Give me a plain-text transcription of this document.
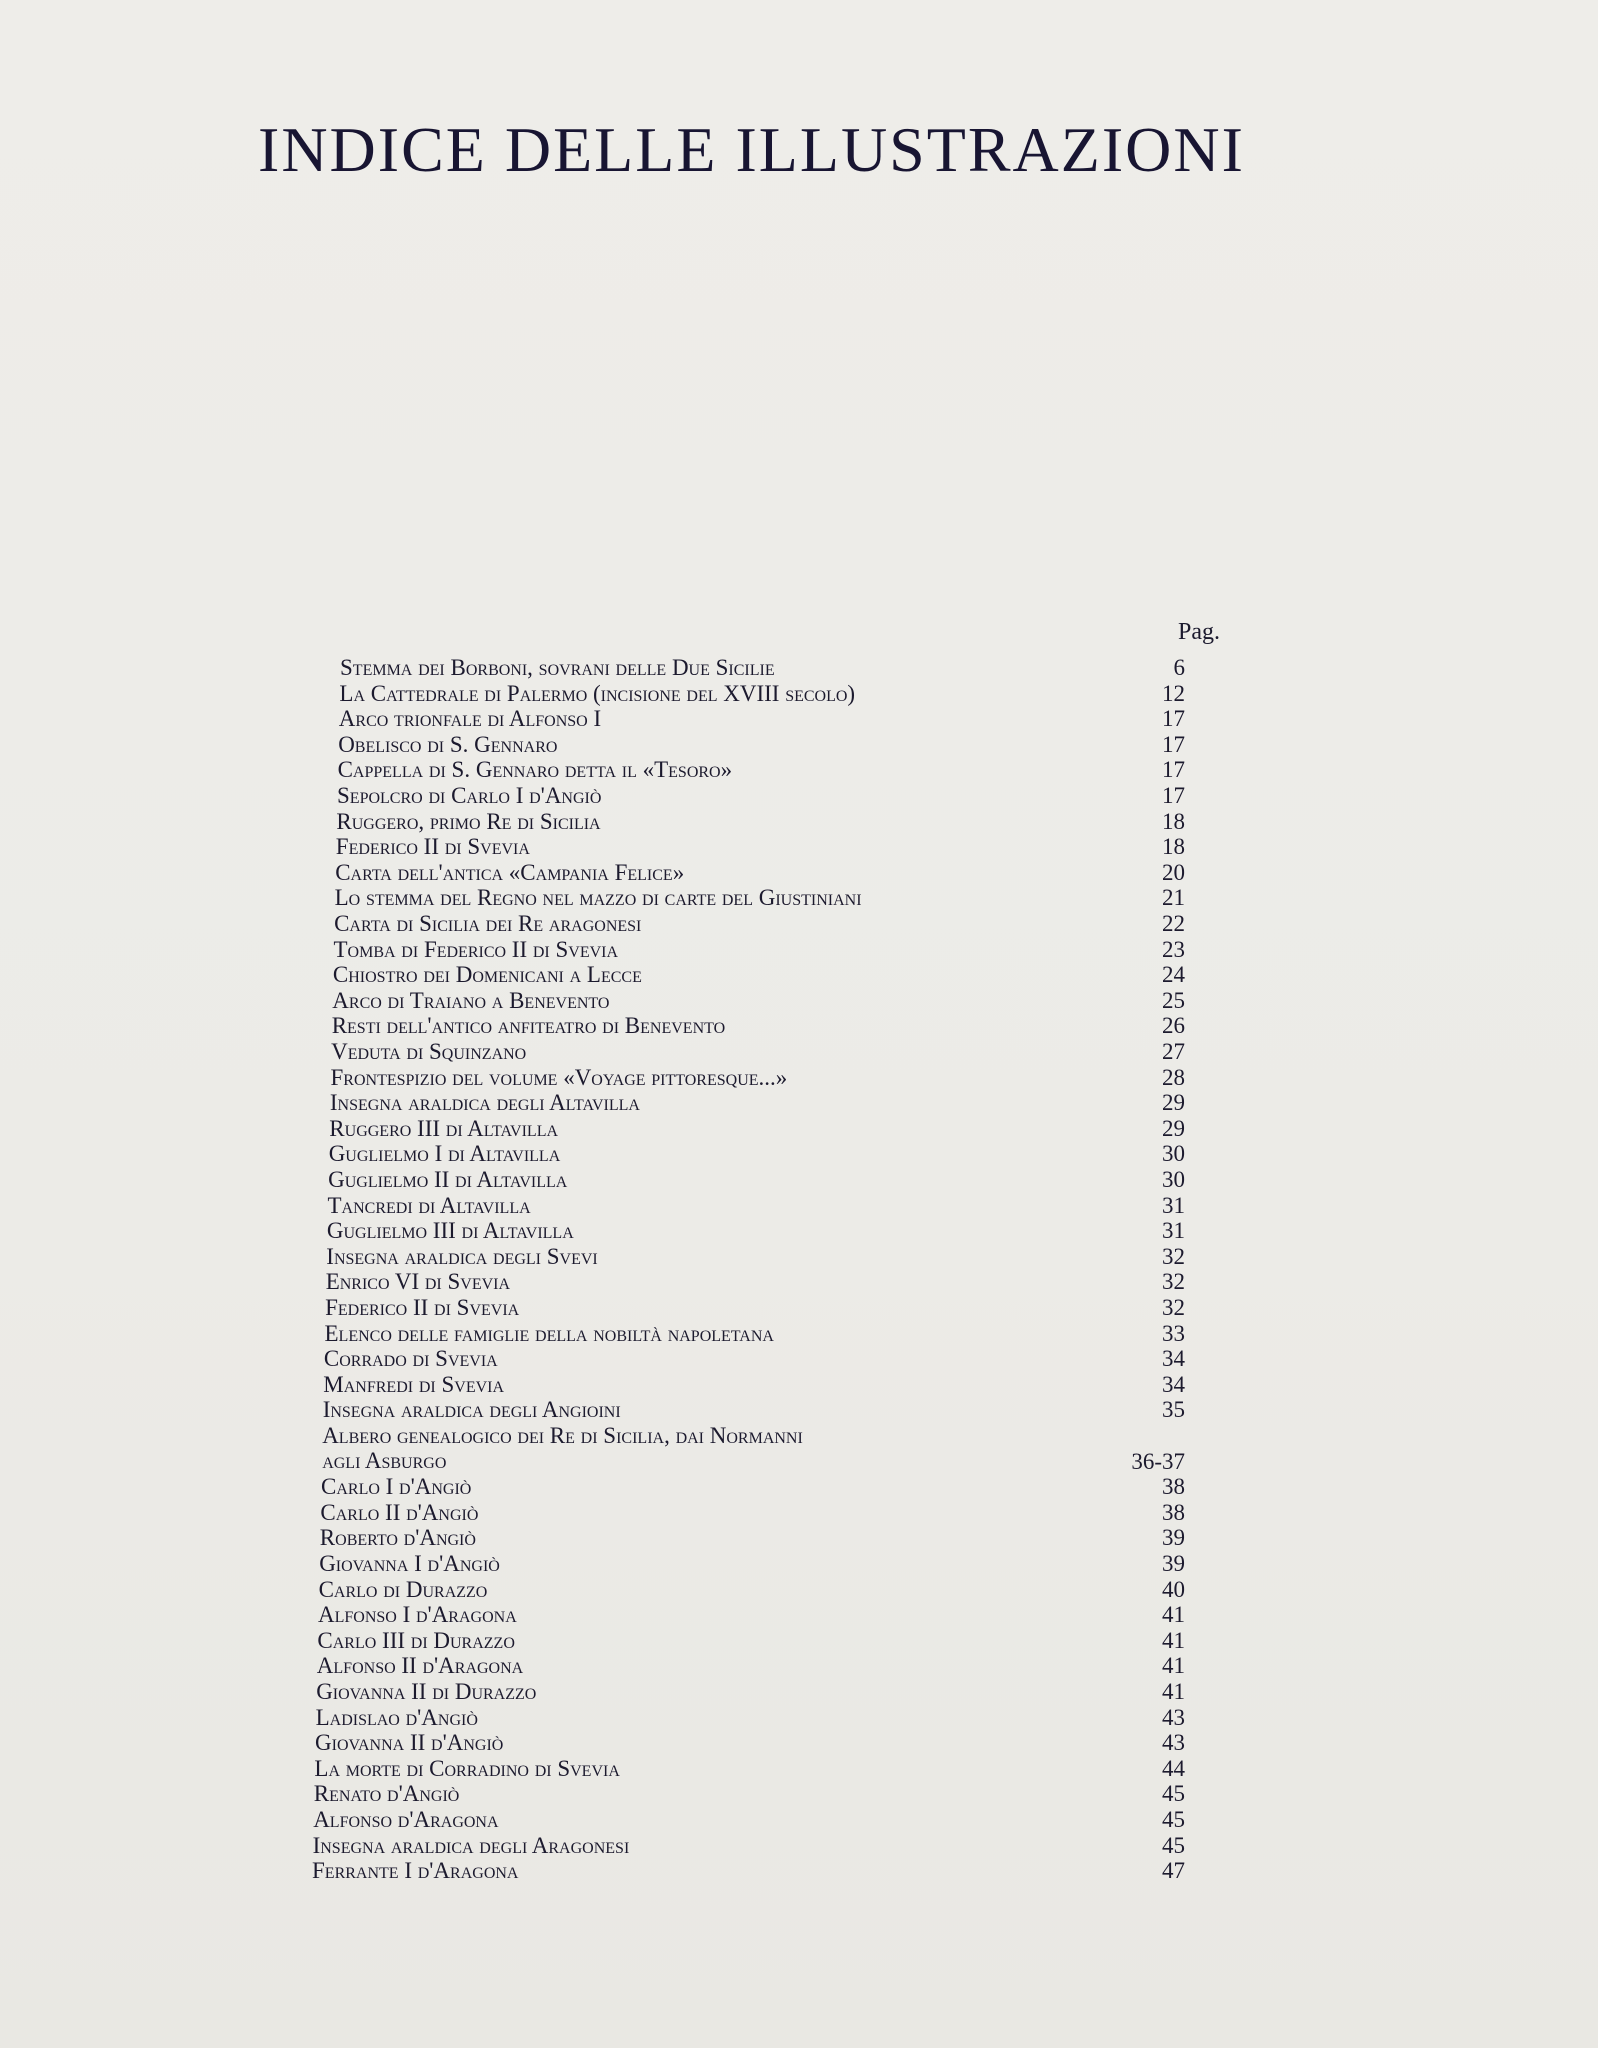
INDICE DELLE ILLUSTRAZIONI
Pag.
Stemma dei Borboni, sovrani delle Due Sicilie	6
La Cattedrale di Palermo (incisione del XVIII secolo)	12
Arco trionfale di Alfonso I	17
Obelisco di S. Gennaro	17
Cappella di S. Gennaro detta il «Tesoro»	17
Sepolcro di Carlo I d'Angiò	17
Ruggero, primo Re di Sicilia	18
Federico II di Svevia	18
Carta dell'antica «Campania Felice»	20
Lo stemma del Regno nel mazzo di carte del Giustiniani	21
Carta di Sicilia dei Re aragonesi	22
Tomba di Federico II di Svevia	23
Chiostro dei Domenicani a Lecce	24
Arco di Traiano a Benevento	25
Resti dell'antico anfiteatro di Benevento	26
Veduta di Squinzano	27
Frontespizio del volume «Voyage pittoresque...»	28
Insegna araldica degli Altavilla	29
Ruggero III di Altavilla	29
Guglielmo I di Altavilla	30
Guglielmo II di Altavilla	30
Tancredi di Altavilla	31
Guglielmo III di Altavilla	31
Insegna araldica degli Svevi	32
Enrico VI di Svevia	32
Federico II di Svevia	32
Elenco delle famiglie della nobiltà napoletana	33
Corrado di Svevia	34
Manfredi di Svevia	34
Insegna araldica degli Angioini	35
Albero genealogico dei Re di Sicilia, dai Normanni
agli Asburgo	36-37
Carlo I d'Angiò	38
Carlo II d'Angiò	38
Roberto d'Angiò	39
Giovanna I d'Angiò	39
Carlo di Durazzo	40
Alfonso I d'Aragona	41
Carlo III di Durazzo	41
Alfonso II d'Aragona	41
Giovanna II di Durazzo	41
Ladislao d'Angiò	43
Giovanna II d'Angiò	43
La morte di Corradino di Svevia	44
Renato d'Angiò	45
Alfonso d'Aragona	45
Insegna araldica degli Aragonesi	45
Ferrante I d'Aragona	47
